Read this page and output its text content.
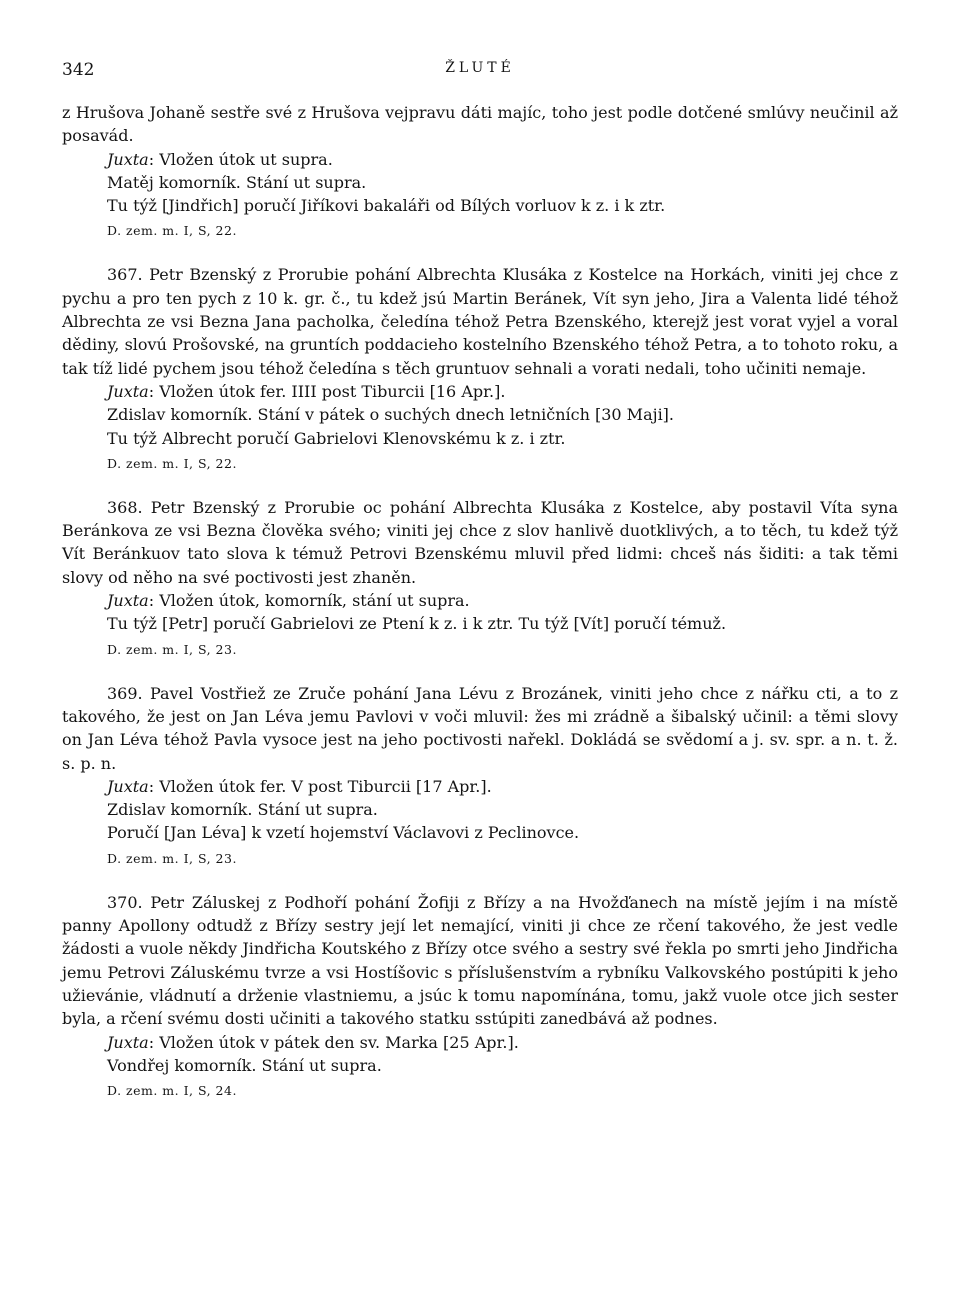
342	ŽLUTÉ

z Hrušova Johaně sestře své z Hrušova vejpravu dáti majíc, toho jest podle dotčené smlúvy neučinil až posavád.

Juxta: Vložen útok ut supra.

Matěj komorník. Stání ut supra.

Tu týž [Jindřich] poručí Jiříkovi bakaláři od Bílých vorluov k z. i k ztr.

D. zem. m. I, S, 22.

367. Petr Bzenský z Prorubie pohání Albrechta Klusáka z Kostelce na Horkách, viniti jej chce z pychu a pro ten pych z 10 k. gr. č., tu kdež jsú Martin Beránek, Vít syn jeho, Jira a Valenta lidé téhož Albrechta ze vsi Bezna Jana pacholka, čeledína téhož Petra Bzenského, kterejž jest vorat vyjel a voral dědiny, slovú Prošovské, na gruntích poddacieho kostelního Bzenského téhož Petra, a to tohoto roku, a tak tíž lidé pychem jsou téhož čeledína s těch gruntuov sehnali a vorati nedali, toho učiniti nemaje.

Juxta: Vložen útok fer. IIII post Tiburcii [16 Apr.].

Zdislav komorník. Stání v pátek o suchých dnech letničních [30 Maji].

Tu týž Albrecht poručí Gabrielovi Klenovskému k z. i ztr.

D. zem. m. I, S, 22.

368. Petr Bzenský z Prorubie oc pohání Albrechta Klusáka z Kostelce, aby postavil Víta syna Beránkova ze vsi Bezna člověka svého; viniti jej chce z slov hanlivě duotklivých, a to těch, tu kdež týž Vít Beránkuov tato slova k témuž Petrovi Bzenskému mluvil před lidmi: chceš nás šiditi: a tak těmi slovy od něho na své poctivosti jest zhaněn.

Juxta: Vložen útok, komorník, stání ut supra.

Tu týž [Petr] poručí Gabrielovi ze Ptení k z. i k ztr. Tu týž [Vít] poručí témuž.

D. zem. m. I, S, 23.

369. Pavel Vostřiež ze Zruče pohání Jana Lévu z Brozánek, viniti jeho chce z nářku cti, a to z takového, že jest on Jan Léva jemu Pavlovi v voči mluvil: žes mi zrádně a šibalský učinil: a těmi slovy on Jan Léva téhož Pavla vysoce jest na jeho poctivosti nařekl. Dokládá se svědomí a j. sv. spr. a n. t. ž. s. p. n.

Juxta: Vložen útok fer. V post Tiburcii [17 Apr.].

Zdislav komorník. Stání ut supra.

Poručí [Jan Léva] k vzetí hojemství Václavovi z Peclinovce.

D. zem. m. I, S, 23.

370. Petr Záluskej z Podhoří pohání Žofiji z Břízy a na Hvožďanech na místě jejím i na místě panny Apollony odtudž z Břízy sestry její let nemající, viniti ji chce ze rčení takového, že jest vedle žádosti a vuole někdy Jindřicha Koutského z Břízy otce svého a sestry své řekla po smrti jeho Jindřicha jemu Petrovi Záluskému tvrze a vsi Hostíšovic s příslušenstvím a rybníku Valkovského postúpiti k jeho užievánie, vládnutí a drženie vlastniemu, a jsúc k tomu napomínána, tomu, jakž vuole otce jich sester byla, a rčení svému dosti učiniti a takového statku sstúpiti zanedbává až podnes.

Juxta: Vložen útok v pátek den sv. Marka [25 Apr.].

Vondřej komorník. Stání ut supra.

D. zem. m. I, S, 24.
